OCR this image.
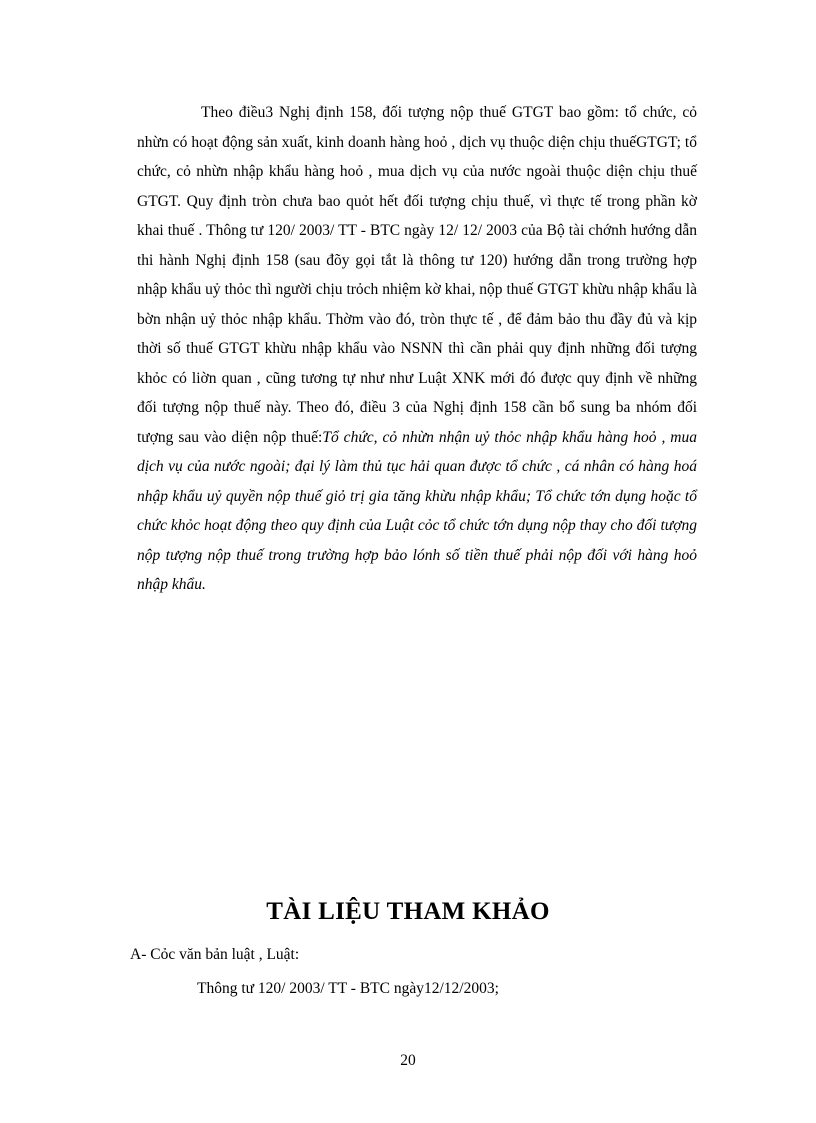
Theo điều3 Nghị định 158, đối tượng nộp thuế GTGT bao gồm: tổ chức, cỏ nhừn có hoạt động sản xuất, kinh doanh hàng hoỏ , dịch vụ thuộc diện chịu thuếGTGT; tổ chức, cỏ nhừn nhập khẩu hàng hoỏ , mua dịch vụ của nước ngoài thuộc diện chịu thuế GTGT. Quy định tròn chưa bao quỏt hết đối tượng chịu thuế, vì thực tế trong phần kờ khai thuế . Thông tư 120/ 2003/ TT - BTC ngày 12/ 12/ 2003 của Bộ tài chớnh hướng dẫn thi hành Nghị định 158 (sau đõy gọi tắt là thông tư 120) hướng dẫn trong trường hợp nhập khẩu uỷ thỏc thì người chịu trỏch nhiệm kờ khai, nộp thuế GTGT khừu nhập khẩu là bờn nhận uỷ thỏc nhập khẩu. Thờm vào đó, tròn thực tế , để đảm bảo thu đầy đủ và kịp thời số thuế GTGT khừu nhập khẩu vào NSNN thì cần phải quy định những đối tượng khỏc có liờn quan , cũng tương tự như như Luật XNK mới đó được quy định về những đối tượng nộp thuế này. Theo đó, điều 3 của Nghị định 158 cần bổ sung ba nhóm đối tượng sau vào diện nộp thuế:Tổ chức, cỏ nhừn nhận uỷ thỏc nhập khẩu hàng hoỏ , mua dịch vụ của nước ngoài; đại lý làm thủ tục hải quan được tổ chức , cá nhân có hàng hoá nhập khẩu uỷ quyền nộp thuế giỏ trị gia tăng khừu nhập khẩu; Tổ chức tớn dụng hoặc tổ chức khỏc hoạt động theo quy định của Luật cỏc tổ chức tớn dụng nộp thay cho đối tượng nộp tượng nộp thuế trong trường hợp bảo lónh số tiền thuế phải nộp đối với hàng hoỏ nhập khẩu.

TÀI LIỆU THAM KHẢO

A- Cỏc văn bản luật , Luật:

Thông tư 120/ 2003/ TT - BTC ngày12/12/2003;

20
